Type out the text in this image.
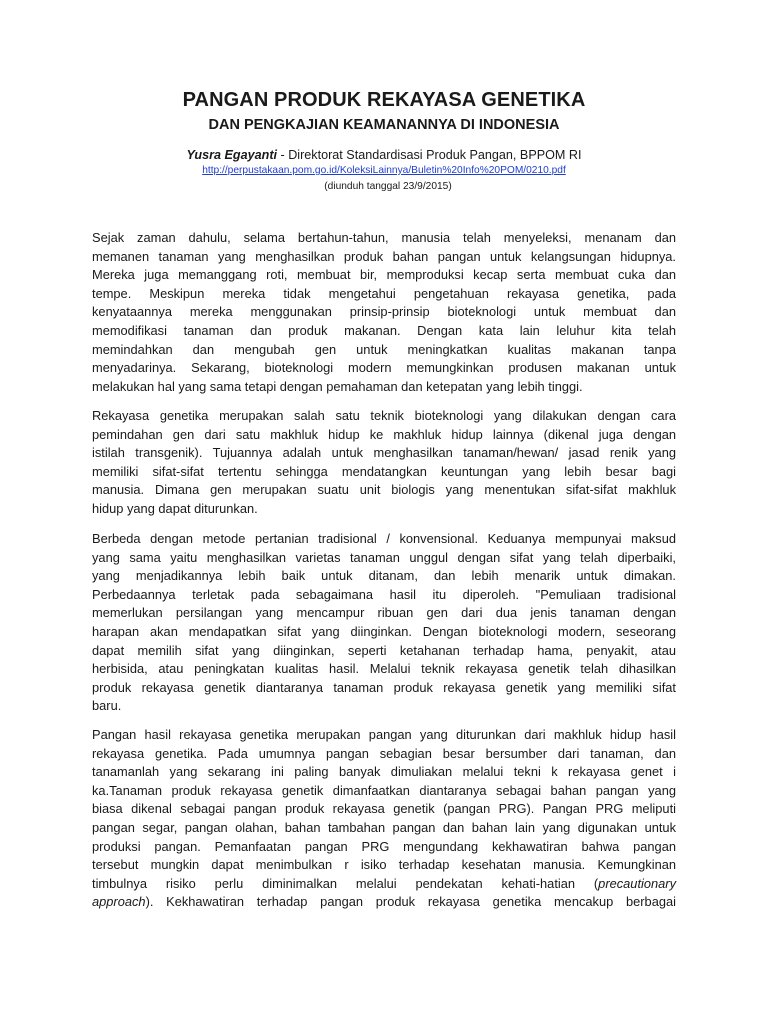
PANGAN PRODUK REKAYASA GENETIKA
DAN PENGKAJIAN KEAMANANNYA DI INDONESIA

Yusra Egayanti - Direktorat Standardisasi Produk Pangan, BPPOM RI

http://perpustakaan.pom.go.id/KoleksiLainnya/Buletin%20Info%20POM/0210.pdf

(diunduh tanggal 23/9/2015)

Sejak zaman dahulu, selama bertahun-tahun, manusia telah menyeleksi, menanam dan
memanen tanaman yang menghasilkan produk bahan pangan untuk kelangsungan hidupnya.
Mereka juga memanggang roti, membuat bir, memproduksi kecap serta membuat cuka dan
tempe. Meskipun mereka tidak mengetahui pengetahuan rekayasa genetika, pada
kenyataannya mereka menggunakan prinsip-prinsip bioteknologi untuk membuat dan
memodifikasi tanaman dan produk makanan. Dengan kata lain leluhur kita telah
memindahkan dan mengubah gen untuk meningkatkan kualitas makanan tanpa
menyadarinya. Sekarang, bioteknologi modern memungkinkan produsen makanan untuk
melakukan hal yang sama tetapi dengan pemahaman dan ketepatan yang lebih tinggi.
Rekayasa genetika merupakan salah satu teknik bioteknologi yang dilakukan dengan cara
pemindahan gen dari satu makhluk hidup ke makhluk hidup lainnya (dikenal juga dengan
istilah transgenik). Tujuannya adalah untuk menghasilkan tanaman/hewan/ jasad renik yang
memiliki sifat-sifat tertentu sehingga mendatangkan keuntungan yang lebih besar bagi
manusia. Dimana gen merupakan suatu unit biologis yang menentukan sifat-sifat makhluk
hidup yang dapat diturunkan.
Berbeda dengan metode pertanian tradisional / konvensional. Keduanya mempunyai maksud
yang sama yaitu menghasilkan varietas tanaman unggul dengan sifat yang telah diperbaiki,
yang menjadikannya lebih baik untuk ditanam, dan lebih menarik untuk dimakan.
Perbedaannya terletak pada sebagaimana hasil itu diperoleh. "Pemuliaan tradisional
memerlukan persilangan yang mencampur ribuan gen dari dua jenis tanaman dengan
harapan akan mendapatkan sifat yang diinginkan. Dengan bioteknologi modern, seseorang
dapat memilih sifat yang diinginkan, seperti ketahanan terhadap hama, penyakit, atau
herbisida, atau peningkatan kualitas hasil. Melalui teknik rekayasa genetik telah dihasilkan
produk rekayasa genetik diantaranya tanaman produk rekayasa genetik yang memiliki sifat
baru.
Pangan hasil rekayasa genetika merupakan pangan yang diturunkan dari makhluk hidup hasil
rekayasa genetika. Pada umumnya pangan sebagian besar bersumber dari tanaman, dan
tanamanlah yang sekarang ini paling banyak dimuliakan melalui tekni k rekayasa genet i
ka.Tanaman produk rekayasa genetik dimanfaatkan diantaranya sebagai bahan pangan yang
biasa dikenal sebagai pangan produk rekayasa genetik (pangan PRG). Pangan PRG meliputi
pangan segar, pangan olahan, bahan tambahan pangan dan bahan lain yang digunakan untuk
produksi pangan. Pemanfaatan pangan PRG mengundang kekhawatiran bahwa pangan
tersebut mungkin dapat menimbulkan r isiko terhadap kesehatan manusia. Kemungkinan
timbulnya risiko perlu diminimalkan melalui pendekatan kehati-hatian (precautionary
approach). Kekhawatiran terhadap pangan produk rekayasa genetika mencakup berbagai
